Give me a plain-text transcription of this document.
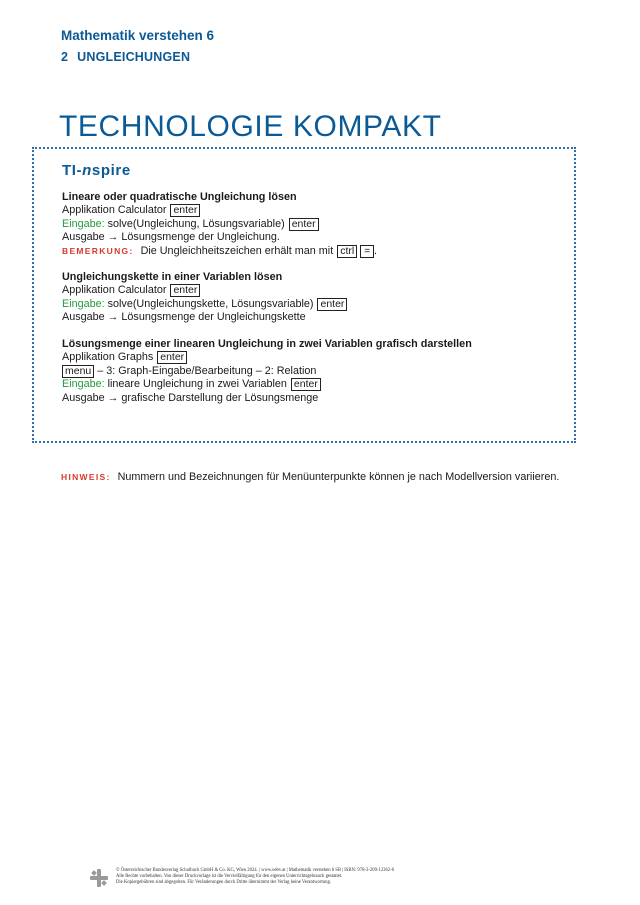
Mathematik verstehen 6
2 UNGLEICHUNGEN
TECHNOLOGIE KOMPAKT
TI-nspire
Lineare oder quadratische Ungleichung lösen
Applikation Calculator enter
Eingabe: solve(Ungleichung, Lösungsvariable) enter
Ausgabe → Lösungsmenge der Ungleichung.
BEMERKUNG: Die Ungleichheitszeichen erhält man mit ctrl = .
Ungleichungskette in einer Variablen lösen
Applikation Calculator enter
Eingabe: solve(Ungleichungskette, Lösungsvariable) enter
Ausgabe → Lösungsmenge der Ungleichungskette
Lösungsmenge einer linearen Ungleichung in zwei Variablen grafisch darstellen
Applikation Graphs enter
menu – 3: Graph-Eingabe/Bearbeitung – 2: Relation
Eingabe: lineare Ungleichung in zwei Variablen enter
Ausgabe → grafische Darstellung der Lösungsmenge
HINWEIS: Nummern und Bezeichnungen für Menüunterpunkte können je nach Modellversion variieren.
© Österreichischer Bundesverlag Schulbuch GmbH & Co. KG, Wien 2024. | www.oebv.at | Mathematik verstehen 6 SB | ISBN: 978-3-209-12362-6
Alle Rechte vorbehalten. Von dieser Druckvorlage ist die Vervielfältigung für den eigenen Unterrichtsgebrauch gestattet.
Die Kopiergebühren sind abgegolten. Für Veränderungen durch Dritte übernimmt der Verlag keine Verantwortung.
